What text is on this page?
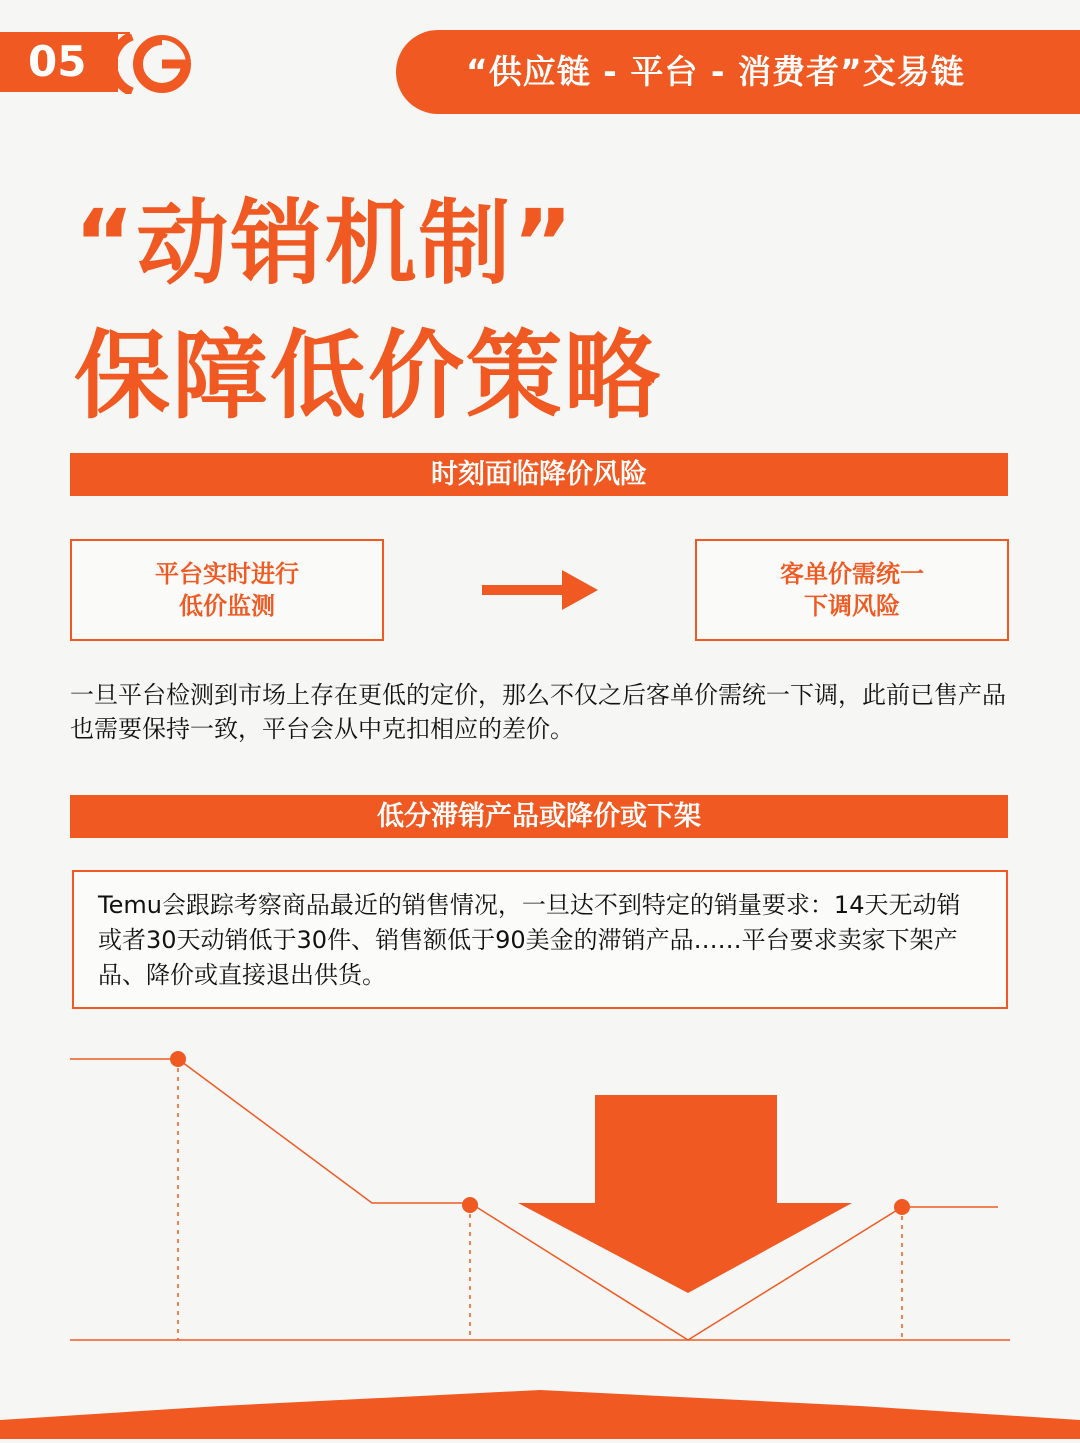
05	“供应链 - 平台 - 消费者”交易链
“动销机制”
保障低价策略
时刻面临降价风险
平台实时进行
低价监测
客单价需统一
下调风险
一旦平台检测到市场上存在更低的定价，那么不仅之后客单价需统一下调，此前已售产品也需要保持一致，平台会从中克扣相应的差价。
低分滞销产品或降价或下架
Temu会跟踪考察商品最近的销售情况，一旦达不到特定的销量要求：14天无动销或者30天动销低于30件、销售额低于90美金的滞销产品……平台要求卖家下架产品、降价或直接退出供货。
